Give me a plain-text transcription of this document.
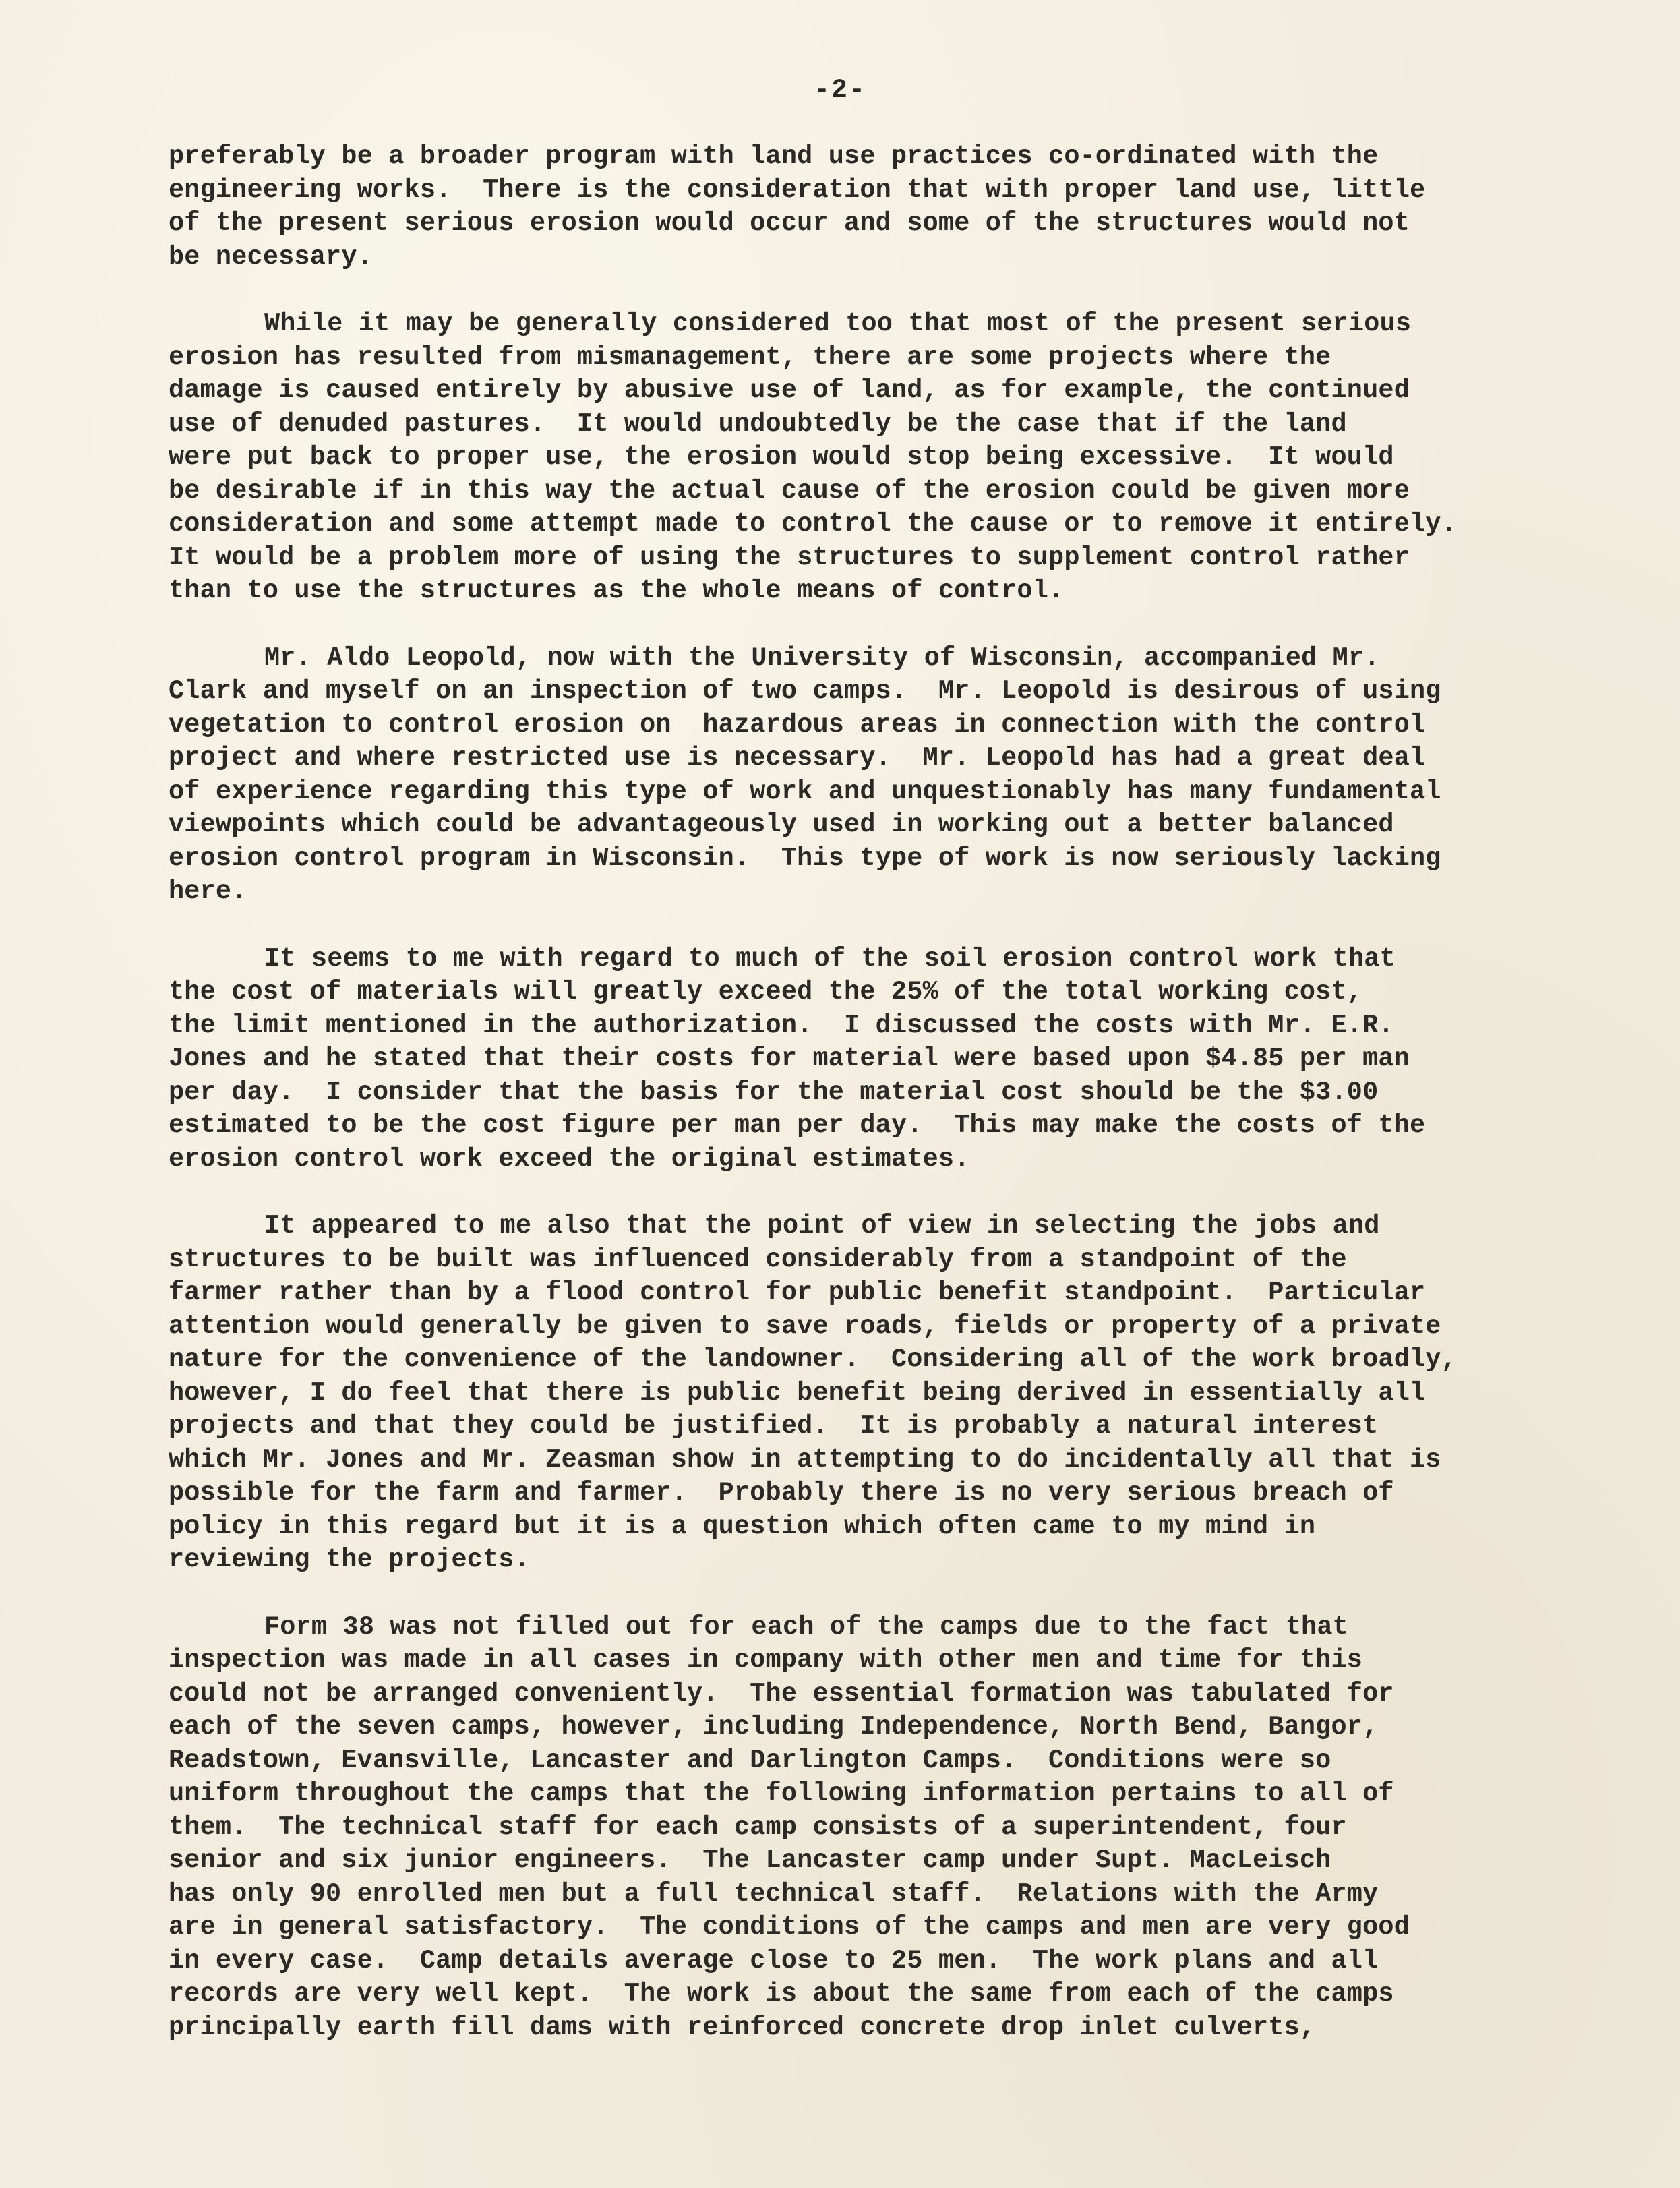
-2-
preferably be a broader program with land use practices co-ordinated with the
engineering works.  There is the consideration that with proper land use, little
of the present serious erosion would occur and some of the structures would not
be necessary.
While it may be generally considered too that most of the present serious
erosion has resulted from mismanagement, there are some projects where the
damage is caused entirely by abusive use of land, as for example, the continued
use of denuded pastures.  It would undoubtedly be the case that if the land
were put back to proper use, the erosion would stop being excessive.  It would
be desirable if in this way the actual cause of the erosion could be given more
consideration and some attempt made to control the cause or to remove it entirely.
It would be a problem more of using the structures to supplement control rather
than to use the structures as the whole means of control.
Mr. Aldo Leopold, now with the University of Wisconsin, accompanied Mr.
Clark and myself on an inspection of two camps.  Mr. Leopold is desirous of using
vegetation to control erosion on  hazardous areas in connection with the control
project and where restricted use is necessary.  Mr. Leopold has had a great deal
of experience regarding this type of work and unquestionably has many fundamental
viewpoints which could be advantageously used in working out a better balanced
erosion control program in Wisconsin.  This type of work is now seriously lacking
here.
It seems to me with regard to much of the soil erosion control work that
the cost of materials will greatly exceed the 25% of the total working cost,
the limit mentioned in the authorization.  I discussed the costs with Mr. E.R.
Jones and he stated that their costs for material were based upon $4.85 per man
per day.  I consider that the basis for the material cost should be the $3.00
estimated to be the cost figure per man per day.  This may make the costs of the
erosion control work exceed the original estimates.
It appeared to me also that the point of view in selecting the jobs and
structures to be built was influenced considerably from a standpoint of the
farmer rather than by a flood control for public benefit standpoint.  Particular
attention would generally be given to save roads, fields or property of a private
nature for the convenience of the landowner.  Considering all of the work broadly,
however, I do feel that there is public benefit being derived in essentially all
projects and that they could be justified.  It is probably a natural interest
which Mr. Jones and Mr. Zeasman show in attempting to do incidentally all that is
possible for the farm and farmer.  Probably there is no very serious breach of
policy in this regard but it is a question which often came to my mind in
reviewing the projects.
Form 38 was not filled out for each of the camps due to the fact that
inspection was made in all cases in company with other men and time for this
could not be arranged conveniently.  The essential formation was tabulated for
each of the seven camps, however, including Independence, North Bend, Bangor,
Readstown, Evansville, Lancaster and Darlington Camps.  Conditions were so
uniform throughout the camps that the following information pertains to all of
them.  The technical staff for each camp consists of a superintendent, four
senior and six junior engineers.  The Lancaster camp under Supt. MacLeisch
has only 90 enrolled men but a full technical staff.  Relations with the Army
are in general satisfactory.  The conditions of the camps and men are very good
in every case.  Camp details average close to 25 men.  The work plans and all
records are very well kept.  The work is about the same from each of the camps
principally earth fill dams with reinforced concrete drop inlet culverts,
